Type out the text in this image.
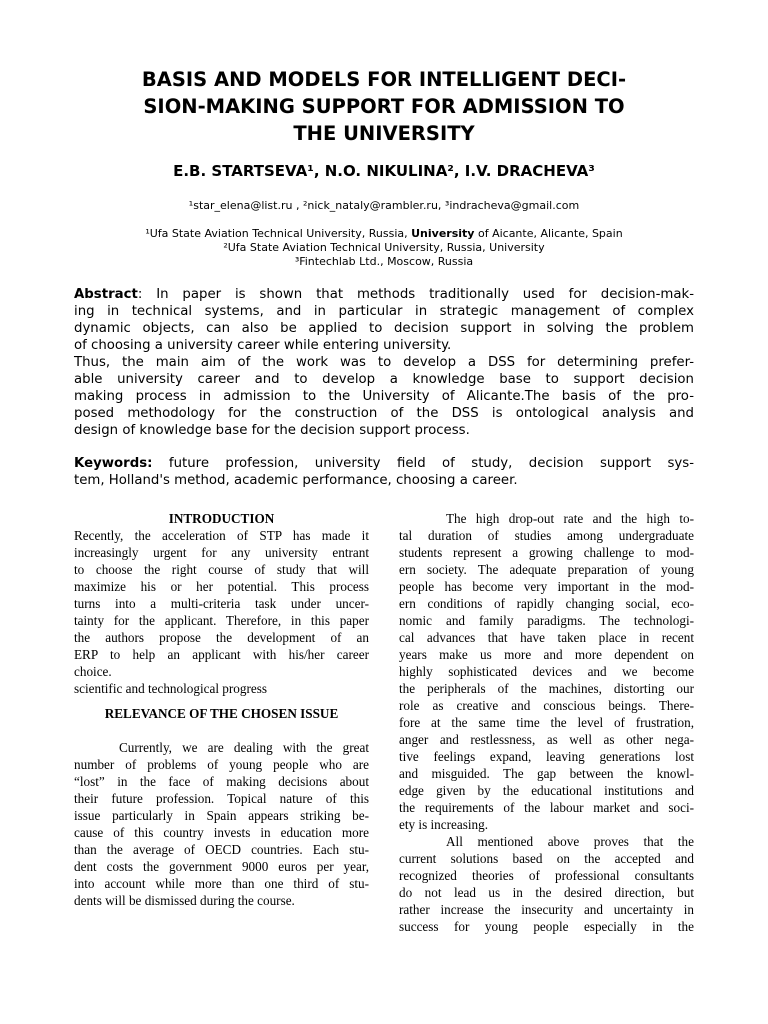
BASIS AND MODELS FOR INTELLIGENT DECI-
SION-MAKING SUPPORT FOR ADMISSION TO
THE UNIVERSITY
E.B. STARTSEVA¹, N.O. NIKULINA², I.V. DRACHEVA³
¹star_elena@list.ru , ²nick_nataly@rambler.ru, ³indracheva@gmail.com
¹Ufa State Aviation Technical University, Russia, University of Aicante, Alicante, Spain
²Ufa State Aviation Technical University, Russia, University
³Fintechlab Ltd., Moscow, Russia
Abstract: In paper is shown that methods traditionally used for decision-mak-
ing in technical systems, and in particular in strategic management of complex
dynamic objects, can also be applied to decision support in solving the problem
of choosing a university career while entering university.
Thus, the main aim of the work was to develop a DSS for determining prefer-
able university career and to develop a knowledge base to support decision
making process in admission to the University of Alicante.The basis of the pro-
posed methodology for the construction of the DSS is ontological analysis and
design of knowledge base for the decision support process.
Keywords: future profession, university field of study, decision support sys-
tem, Holland's method, academic performance, choosing a career.
INTRODUCTION
Recently, the acceleration of STP has made it
increasingly urgent for any university entrant
to choose the right course of study that will
maximize his or her potential. This process
turns into a multi-criteria task under uncer-
tainty for the applicant. Therefore, in this paper
the authors propose the development of an
ERP to help an applicant with his/her career
choice.
scientific and technological progress
RELEVANCE OF THE CHOSEN ISSUE
Currently, we are dealing with the great
number of problems of young people who are
“lost” in the face of making decisions about
their future profession. Topical nature of this
issue particularly in Spain appears striking be-
cause of this country invests in education more
than the average of OECD countries. Each stu-
dent costs the government 9000 euros per year,
into account while more than one third of stu-
dents will be dismissed during the course.
The high drop-out rate and the high to-
tal duration of studies among undergraduate
students represent a growing challenge to mod-
ern society. The adequate preparation of young
people has become very important in the mod-
ern conditions of rapidly changing social, eco-
nomic and family paradigms. The technologi-
cal advances that have taken place in recent
years make us more and more dependent on
highly sophisticated devices and we become
the peripherals of the machines, distorting our
role as creative and conscious beings. There-
fore at the same time the level of frustration,
anger and restlessness, as well as other nega-
tive feelings expand, leaving generations lost
and misguided. The gap between the knowl-
edge given by the educational institutions and
the requirements of the labour market and soci-
ety is increasing.
All mentioned above proves that the
current solutions based on the accepted and
recognized theories of professional consultants
do not lead us in the desired direction, but
rather increase the insecurity and uncertainty in
success for young people especially in the
